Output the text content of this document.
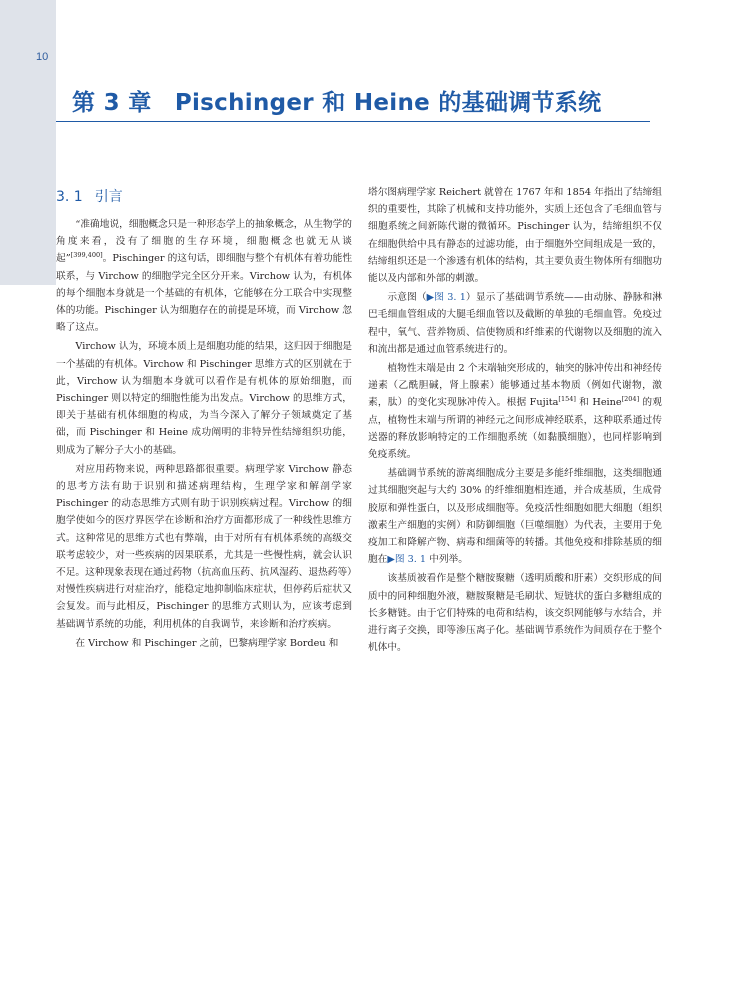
10
第 3 章　Pischinger 和 Heine 的基础调节系统
3. 1 引言

“准确地说，细胞概念只是一种形态学上的抽象概念，从生物学的角度来看，没有了细胞的生存环境，细胞概念也就无从谈起”[399,400]。Pischinger 的这句话，即细胞与整个有机体有着功能性联系，与 Virchow 的细胞学完全区分开来。Virchow 认为，有机体的每个细胞本身就是一个基础的有机体，它能够在分工联合中实现整体的功能。Pischinger 认为细胞存在的前提是环境，而 Virchow 忽略了这点。

Virchow 认为，环境本质上是细胞功能的结果，这归因于细胞是一个基础的有机体。Virchow 和 Pischinger 思维方式的区别就在于此，Virchow 认为细胞本身就可以看作是有机体的原始细胞，而 Pischinger 则以特定的细胞性能为出发点。Virchow 的思维方式，即关于基础有机体细胞的构成，为当今深入了解分子领域奠定了基础，而 Pischinger 和 Heine 成功阐明的非特异性结缔组织功能，则成为了解分子大小的基础。

对应用药物来说，两种思路都很重要。病理学家 Virchow 静态的思考方法有助于识别和描述病理结构，生理学家和解剖学家 Pischinger 的动态思维方式则有助于识别疾病过程。Virchow 的细胞学使如今的医疗界医学在诊断和治疗方面都形成了一种线性思维方式。这种常见的思维方式也有弊端，由于对所有有机体系统的高级交联考虑较少，对一些疾病的因果联系，尤其是一些慢性病，就会认识不足。这种现象表现在通过药物（抗高血压药、抗风湿药、退热药等）对慢性疾病进行对症治疗，能稳定地抑制临床症状，但停药后症状又会复发。而与此相反，Pischinger 的思维方式则认为，应该考虑到基础调节系统的功能，利用机体的自我调节，来诊断和治疗疾病。

在 Virchow 和 Pischinger 之前，巴黎病理学家 Bordeu 和

塔尔图病理学家 Reichert 就曾在 1767 年和 1854 年指出了结缔组织的重要性，其除了机械和支持功能外，实质上还包含了毛细血管与细胞系统之间新陈代谢的微循环。Pischinger 认为，结缔组织不仅在细胞供给中具有静态的过滤功能，由于细胞外空间组成是一致的，结缔组织还是一个渗透有机体的结构，其主要负责生物体所有细胞功能以及内部和外部的刺激。

示意图（▶图 3. 1）显示了基础调节系统——由动脉、静脉和淋巴毛细血管组成的大腿毛细血管以及截断的单独的毛细血管。免疫过程中，氧气、营养物质、信使物质和纤维素的代谢物以及细胞的流入和流出都是通过血管系统进行的。

植物性末端是由 2 个末端轴突形成的，轴突的脉冲传出和神经传递素（乙酰胆碱，肾上腺素）能够通过基本物质（例如代谢物，激素，肽）的变化实现脉冲传入。根据 Fujita[154] 和 Heine[204] 的观点，植物性末端与所谓的神经元之间形成神经联系，这种联系通过传送器的释放影响特定的工作细胞系统（如黏膜细胞），也同样影响到免疫系统。

基础调节系统的游离细胞成分主要是多能纤维细胞，这类细胞通过其细胞突起与大约 30% 的纤维细胞相连通，并合成基质，生成骨胶原和弹性蛋白，以及形成细胞等。免疫活性细胞如肥大细胞（组织激素生产细胞的实例）和防御细胞（巨噬细胞）为代表，主要用于免疫加工和降解产物、病毒和细菌等的转播。其他免疫和排除基质的细胞在▶图 3. 1 中列举。

该基质被看作是整个糖胺聚糖（透明质酸和肝素）交织形成的间质中的同种细胞外液，糖胺聚糖是毛刷状、短链状的蛋白多糖组成的长多糖链。由于它们特殊的电荷和结构，该交织网能够与水结合，并进行离子交换，即等渗压离子化。基础调节系统作为间质存在于整个机体中。
